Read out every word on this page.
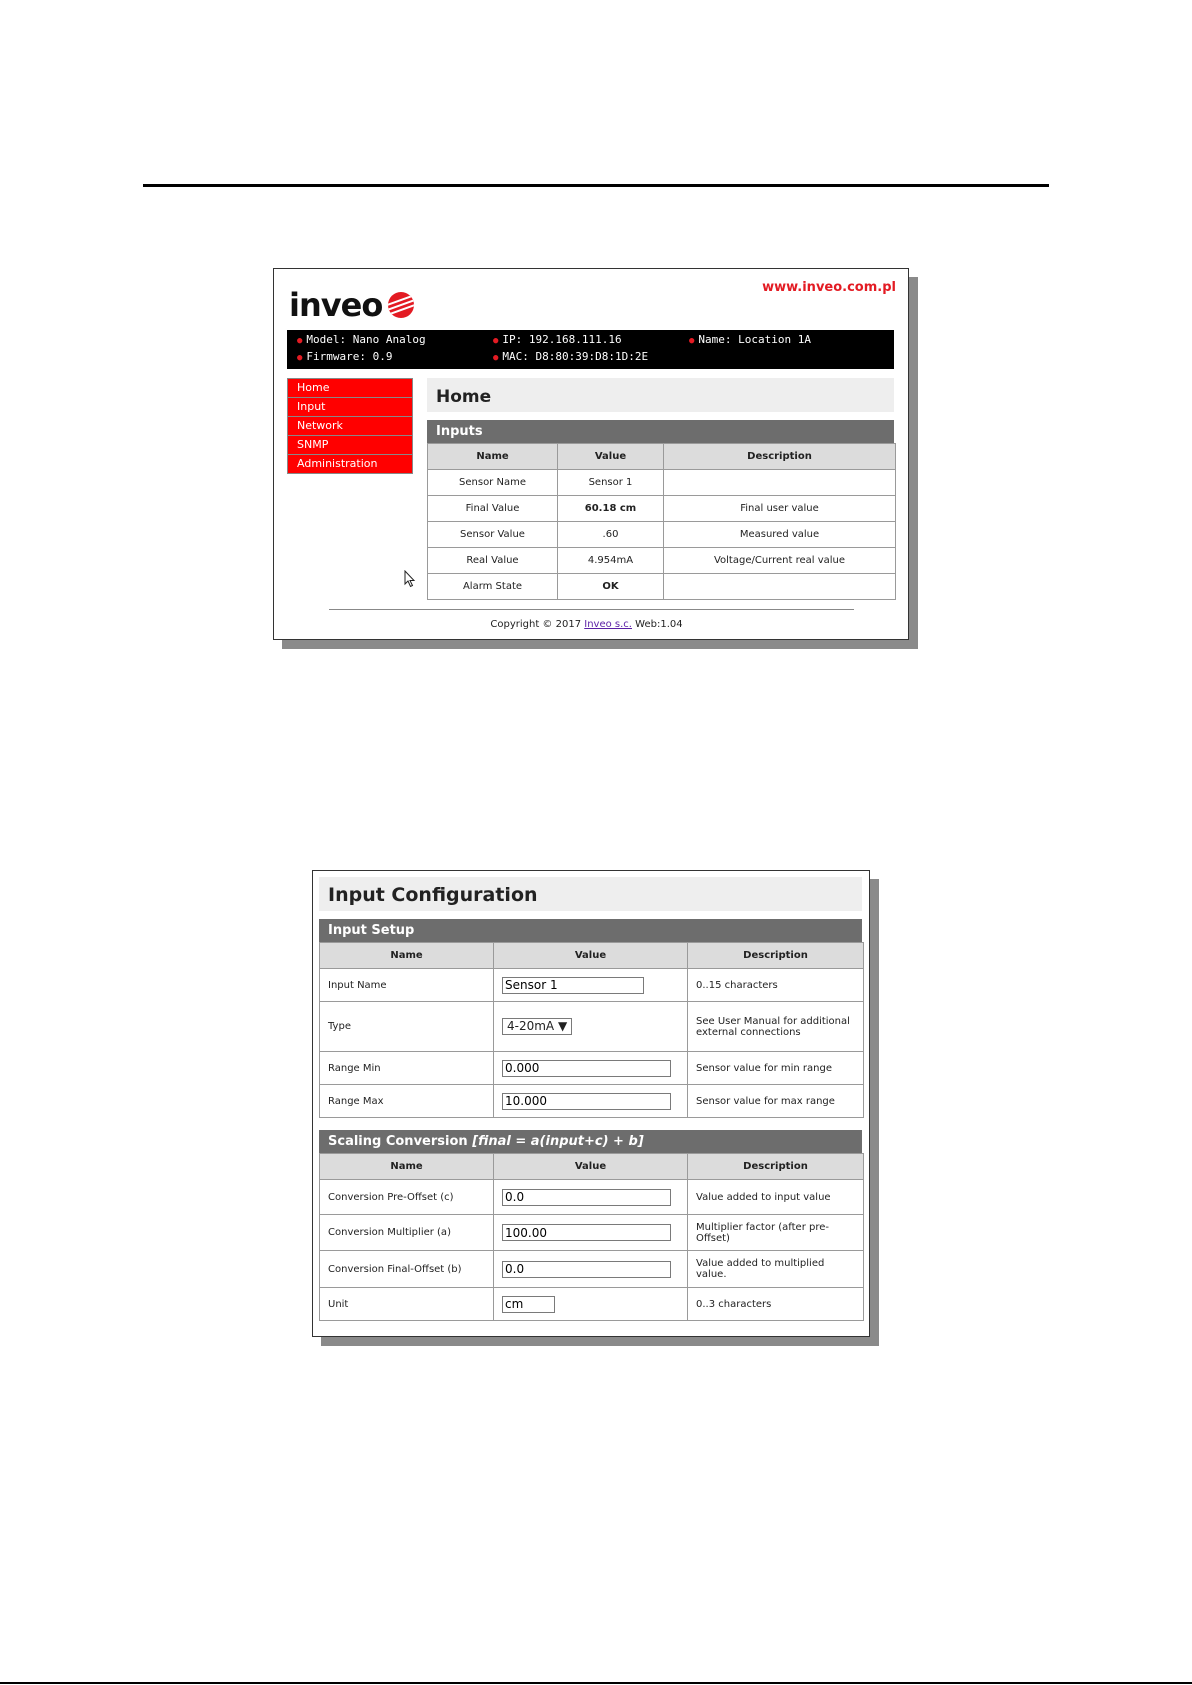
inveo	www.inveo.com.pl
● Model: Nano Analog
● Firmware: 0.9
● IP: 192.168.111.16
● MAC: D8:80:39:D8:1D:2E
● Name: Location 1A
Home
Input
Network
SNMP
Administration
Home
Inputs
Name	Value	Description
Sensor Name	Sensor 1	
Final Value	60.18 cm	Final user value
Sensor Value	.60	Measured value
Real Value	4.954mA	Voltage/Current real value
Alarm State	OK	
Copyright © 2017 Inveo s.c. Web:1.04
Input Configuration
Input Setup
Name	Value	Description
Input Name	Sensor 1	0..15 characters
Type	4-20mA ▼	See User Manual for additional external connections
Range Min	0.000	Sensor value for min range
Range Max	10.000	Sensor value for max range
Scaling Conversion [final = a(input+c) + b]
Name	Value	Description
Conversion Pre-Offset (c)	0.0	Value added to input value
Conversion Multiplier (a)	100.00	Multiplier factor (after pre-Offset)
Conversion Final-Offset (b)	0.0	Value added to multiplied value.
Unit	cm	0..3 characters
